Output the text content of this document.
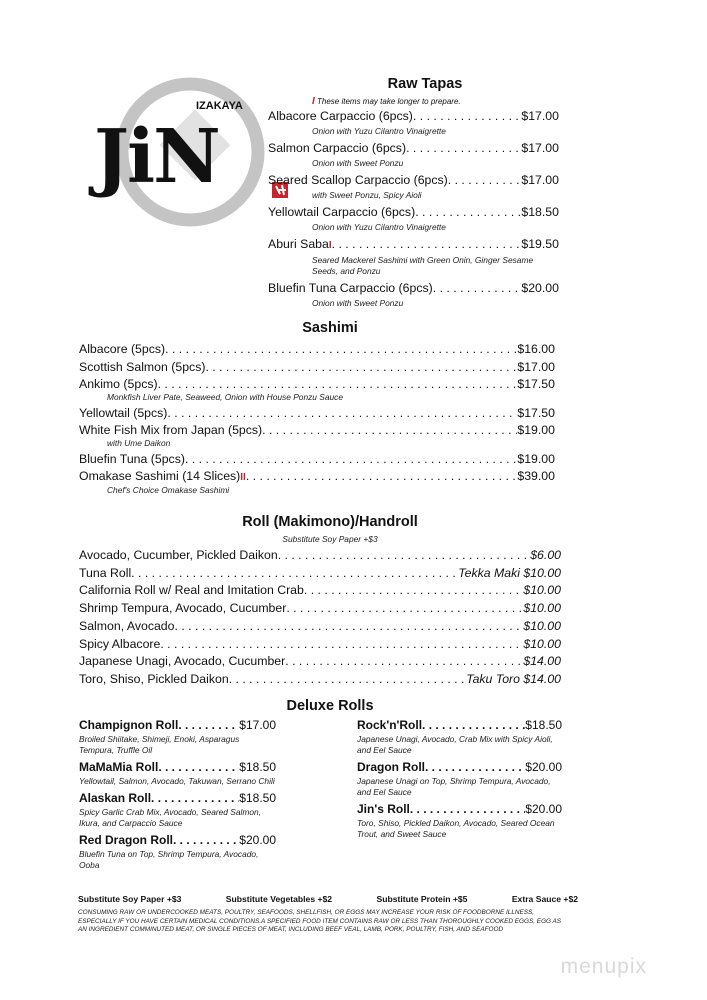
IZAKAYA
JiN
Raw Tapas
I These items may take longer to prepare.
Albacore Carpaccio (6pcs) . . .	$17.00
Onion with Yuzu Cilantro Vinaigrette
Salmon Carpaccio (6pcs) . . .	$17.00
Onion with Sweet Ponzu
Seared Scallop Carpaccio (6pcs) . . .	$17.00
with Sweet Ponzu, Spicy Aioli
Yellowtail Carpaccio (6pcs) . . .	$18.50
Onion with Yuzu Cilantro Vinaigrette
Aburi SabaI . . .	$19.50
Seared Mackerel Sashimi with Green Onin, Ginger Sesame Seeds, and Ponzu
Bluefin Tuna Carpaccio (6pcs) . . .	$20.00
Onion with Sweet Ponzu
Sashimi
Albacore (5pcs) . . .	$16.00
Scottish Salmon (5pcs) . . .	$17.00
Ankimo (5pcs) . . .	$17.50
Monkfish Liver Pate, Seaweed, Onion with House Ponzu Sauce
Yellowtail (5pcs) . . .	$17.50
White Fish Mix from Japan (5pcs) . . .	$19.00
with Ume Daikon
Bluefin Tuna (5pcs) . . .	$19.00
Omakase Sashimi (14 Slices)II . . .	$39.00
Chef's Choice Omakase Sashimi
Roll (Makimono)/Handroll
Substitute Soy Paper +$3
Avocado, Cucumber, Pickled Daikon . . .	$6.00
Tuna Roll . . .	Tekka Maki $10.00
California Roll w/ Real and Imitation Crab . . .	$10.00
Shrimp Tempura, Avocado, Cucumber . . .	$10.00
Salmon, Avocado . . .	$10.00
Spicy Albacore . . .	$10.00
Japanese Unagi, Avocado, Cucumber . . .	$14.00
Toro, Shiso, Pickled Daikon . . .	Taku Toro $14.00
Deluxe Rolls
Champignon Roll . . .	$17.00
Broiled Shiitake, Shimeji, Enoki, Asparagus Tempura, Truffle Oil
MaMaMia Roll . . .	$18.50
Yellowtail, Salmon, Avocado, Takuwan, Serrano Chili
Alaskan Roll . . .	$18.50
Spicy Garlic Crab Mix, Avocado, Seared Salmon, Ikura, and Carpaccio Sauce
Red Dragon Roll . . .	$20.00
Bluefin Tuna on Top, Shrimp Tempura, Avocado, Ooba
Rock'n'Roll . . .	$18.50
Japanese Unagi, Avocado, Crab Mix with Spicy Aioli, and Eel Sauce
Dragon Roll . . .	$20.00
Japanese Unagi on Top, Shrimp Tempura, Avocado, and Eel Sauce
Jin's Roll . . .	$20.00
Toro, Shiso, Pickled Daikon, Avocado, Seared Ocean Trout, and Sweet Sauce
Substitute Soy Paper +$3	Substitute Vegetables +$2	Substitute Protein +$5	Extra Sauce +$2
CONSUMING RAW OR UNDERCOOKED MEATS, POULTRY, SEAFOODS, SHELLFISH, OR EGGS MAY INCREASE YOUR RISK OF FOODBORNE ILLNESS, ESPECIALLY IF YOU HAVE CERTAIN MEDICAL CONDITIONS.A SPECIFIED FOOD ITEM CONTAINS RAW OR LESS THAN THOROUGHLY COOKED EGGS, EGG AS AN INGREDIENT COMMINUTED MEAT, OR SINGLE PIECES OF MEAT, INCLUDING BEEF VEAL, LAMB, PORK, POULTRY, FISH, AND SEAFOOD
menupix
